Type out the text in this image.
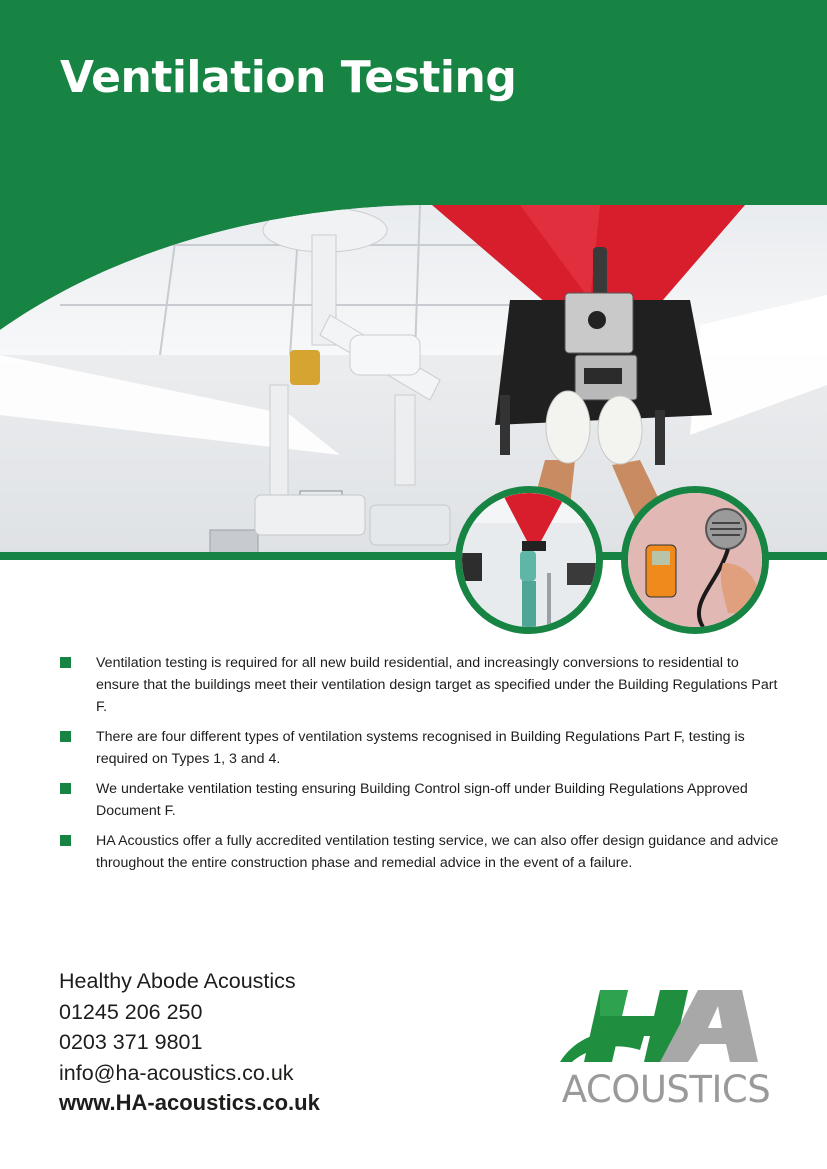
Ventilation Testing
Ventilation testing is required for all new build residential, and increasingly conversions to residential to ensure that the buildings meet their ventilation design target as specified under the Building Regulations Part F.
There are four different types of ventilation systems recognised in Building Regulations Part F, testing is required on Types 1, 3 and 4.
We undertake ventilation testing ensuring Building Control sign-off under Building Regulations Approved Document F.
HA Acoustics offer a fully accredited ventilation testing service, we can also offer design guidance and advice throughout the entire construction phase and remedial advice in the event of a failure.
Healthy Abode Acoustics
01245 206 250
0203 371 9801
info@ha-acoustics.co.uk
www.HA-acoustics.co.uk	ACOUSTICS
